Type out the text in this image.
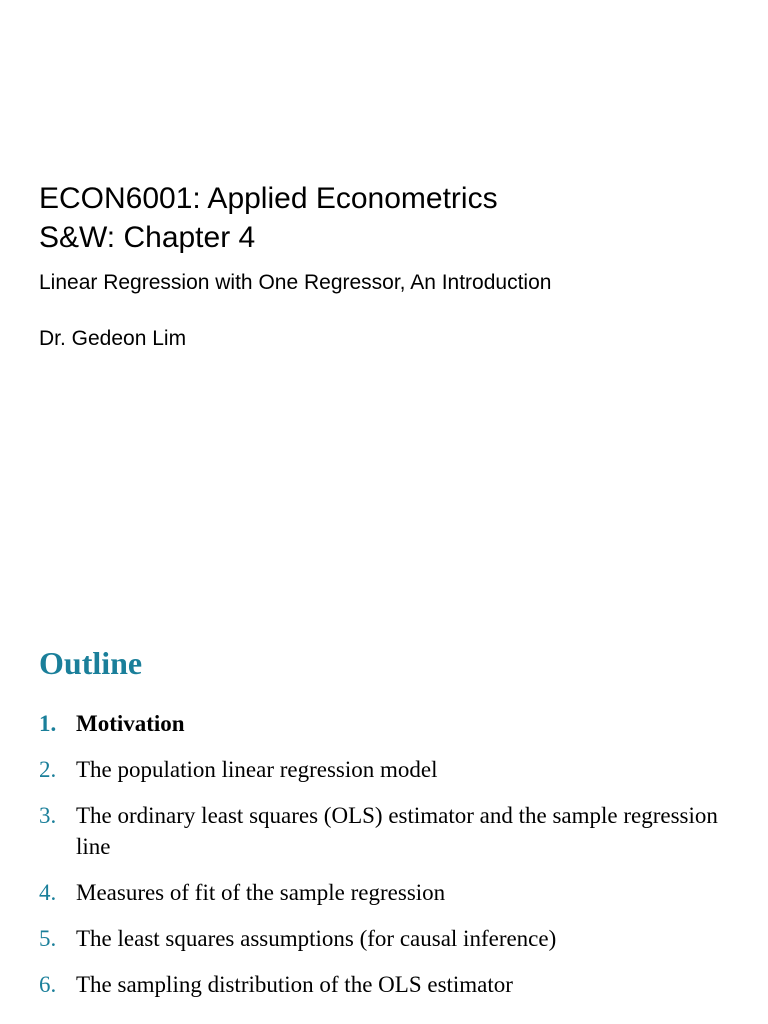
ECON6001: Applied Econometrics
S&W: Chapter 4
Linear Regression with One Regressor, An Introduction
Dr. Gedeon Lim
Outline
1. Motivation
2. The population linear regression model
3. The ordinary least squares (OLS) estimator and the sample regression line
4. Measures of fit of the sample regression
5. The least squares assumptions (for causal inference)
6. The sampling distribution of the OLS estimator
